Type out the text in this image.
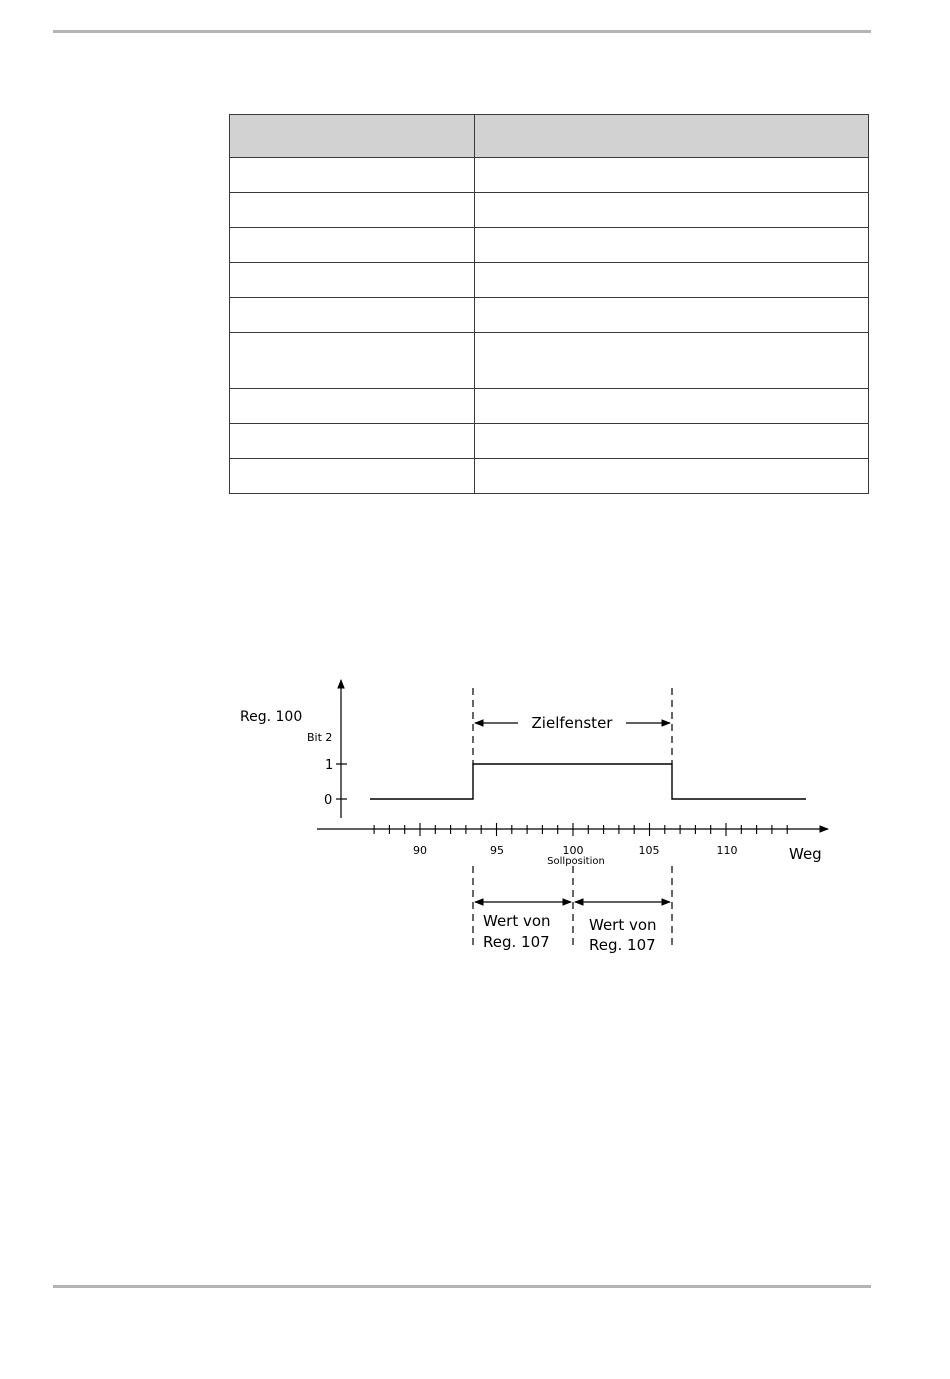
Reg. 100
Bit 2
1
0
Zielfenster
90	95	100	105	110
Sollposition	Weg
Wert von
Reg. 107
Wert von
Reg. 107
